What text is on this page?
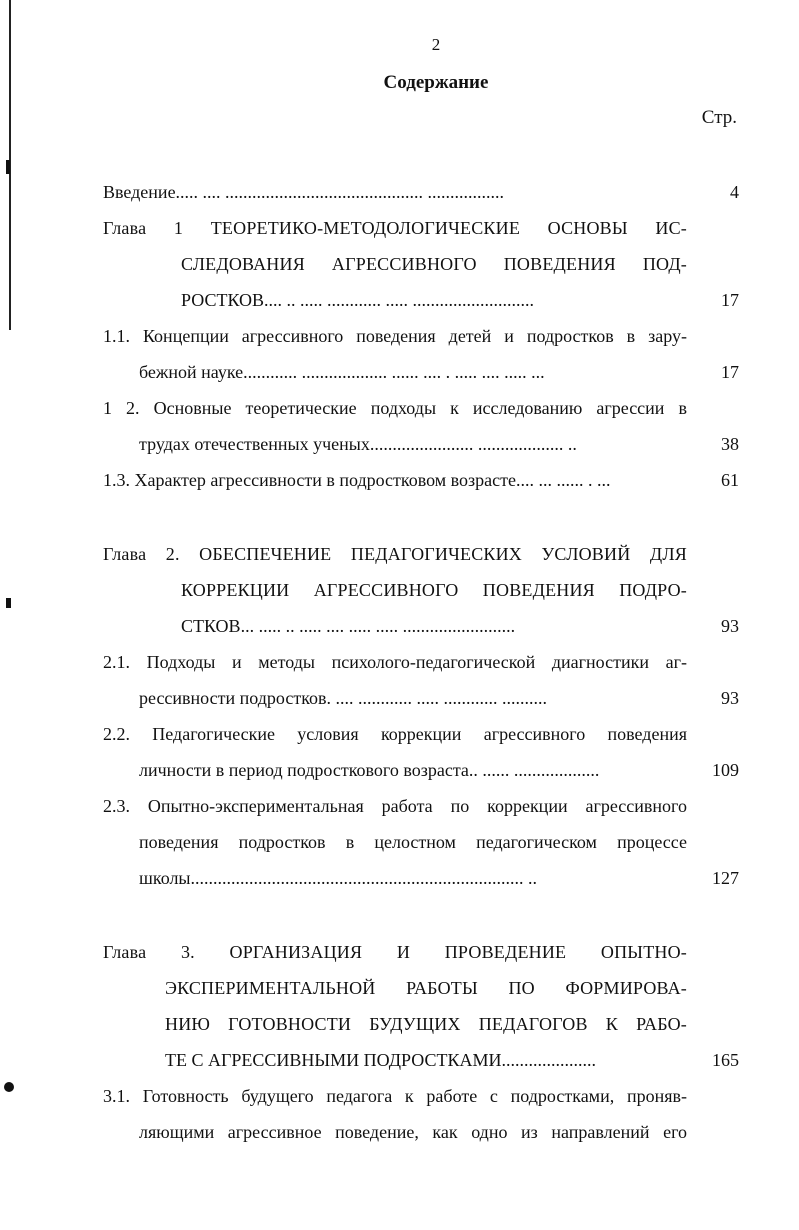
2
Содержание
Стр.
Введение..... .... ............................................ .................	4
Глава 1 ТЕОРЕТИКО-МЕТОДОЛОГИЧЕСКИЕ ОСНОВЫ ИС-
СЛЕДОВАНИЯ АГРЕССИВНОГО ПОВЕДЕНИЯ ПОД-
РОСТКОВ.... .. ..... ............ ..... ...........................	17
1.1. Концепции агрессивного поведения детей и подростков в зару-
бежной науке............ ................... ...... .... . ..... .... ..... ...	17
1 2. Основные теоретические подходы к исследованию агрессии в
трудах отечественных ученых....................... ................... ..	38
1.3. Характер агрессивности в подростковом возрасте.... ... ...... . ...	61
Глава 2. ОБЕСПЕЧЕНИЕ ПЕДАГОГИЧЕСКИХ УСЛОВИЙ ДЛЯ
КОРРЕКЦИИ АГРЕССИВНОГО ПОВЕДЕНИЯ ПОДРО-
СТКОВ... ..... .. ..... .... ..... ..... .........................	93
2.1. Подходы и методы психолого-педагогической диагностики аг-
рессивности подростков. .... ............ ..... ............ ..........	93
2.2. Педагогические условия коррекции агрессивного поведения
личности в период подросткового возраста.. ...... ...................	109
2.3. Опытно-экспериментальная работа по коррекции агрессивного
поведения подростков в целостном педагогическом процессе
школы.......................................................................... ..	127
Глава 3. ОРГАНИЗАЦИЯ И ПРОВЕДЕНИЕ ОПЫТНО-
ЭКСПЕРИМЕНТАЛЬНОЙ РАБОТЫ ПО ФОРМИРОВА-
НИЮ ГОТОВНОСТИ БУДУЩИХ ПЕДАГОГОВ К РАБО-
ТЕ С АГРЕССИВНЫМИ ПОДРОСТКАМИ.....................	165
3.1. Готовность будущего педагога к работе с подростками, проняв-
ляющими агрессивное поведение, как одно из направлений его
